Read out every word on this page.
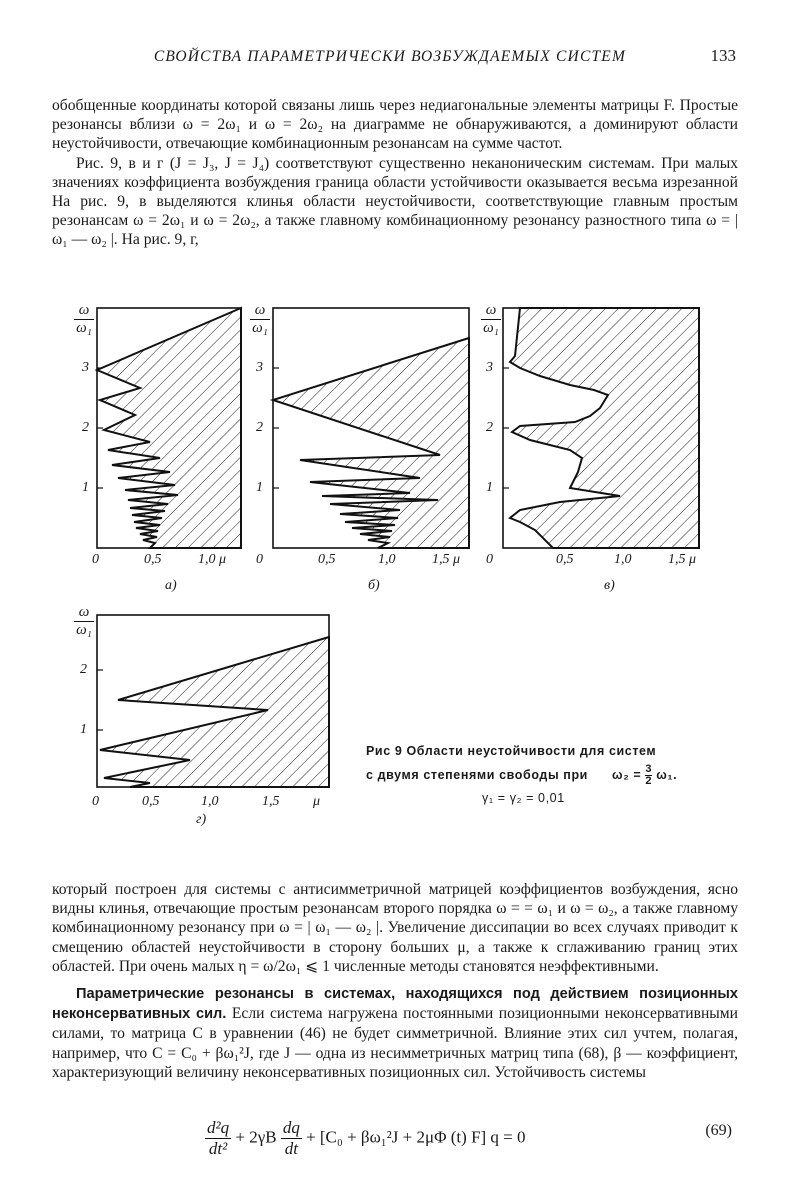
СВОЙСТВА ПАРАМЕТРИЧЕСКИ ВОЗБУЖДАЕМЫХ СИСТЕМ	133

обобщенные координаты которой связаны лишь через недиагональные элементы матрицы F. Простые резонансы вблизи ω = 2ω₁ и ω = 2ω₂ на диаграмме не обнаруживаются, а доминируют области неустойчивости, отвечающие комбинационным резонансам на сумме частот.

Рис. 9, в и г (J = J₃, J = J₄) соответствуют существенно неканоническим системам. При малых значениях коэффициента возбуждения граница области устойчивости оказывается весьма изрезанной На рис. 9, в выделяются клинья области неустойчивости, соответствующие главным простым резонансам ω = 2ω₁ и ω = 2ω₂, а также главному комбинационному резонансу разностного типа ω = | ω₁ — ω₂ |. На рис. 9, г,

ω
ω₁
ω
ω₁
ω
ω₁
ω
ω₁
3
2
1
3
2
1
3
2
1
2
1
0	0,5	1,0 μ
а)
0	0,5	1,0	1,5 μ
б)
0	0,5	1,0	1,5 μ
в)
0	0,5	1,0	1,5 μ
г)
Рис 9 Области неустойчивости для систем
с двумя степенями свободы при $\omega_2 = \frac{3}{2} \omega_1$.
γ₁ = γ₂ = 0,01

который построен для системы с антисимметричной матрицей коэффициентов возбуждения, ясно видны клинья, отвечающие простым резонансам второго порядка ω = = ω₁ и ω = ω₂, а также главному комбинационному резонансу при ω = | ω₁ — ω₂ |. Увеличение диссипации во всех случаях приводит к смещению областей неустойчивости в сторону больших μ, а также к сглаживанию границ этих областей. При очень малых η = ω/2ω₁ ⩽ 1 численные методы становятся неэффективными.

Параметрические резонансы в системах, находящихся под действием позиционных неконсервативных сил. Если система нагружена постоянными позиционными неконсервативными силами, то матрица C в уравнении (46) не будет симметричной. Влияние этих сил учтем, полагая, например, что C = C₀ + βω₁²J, где J — одна из несимметричных матриц типа (68), β — коэффициент, характеризующий величину неконсервативных позиционных сил. Устойчивость системы

$\frac{\text{d²q}}{\text{dt²}} + 2\gamma B \frac{dq}{dt} + [C_0 + \beta\omega_1^2J + 2\mu\Phi$ (t) F] q = 0	(69)
